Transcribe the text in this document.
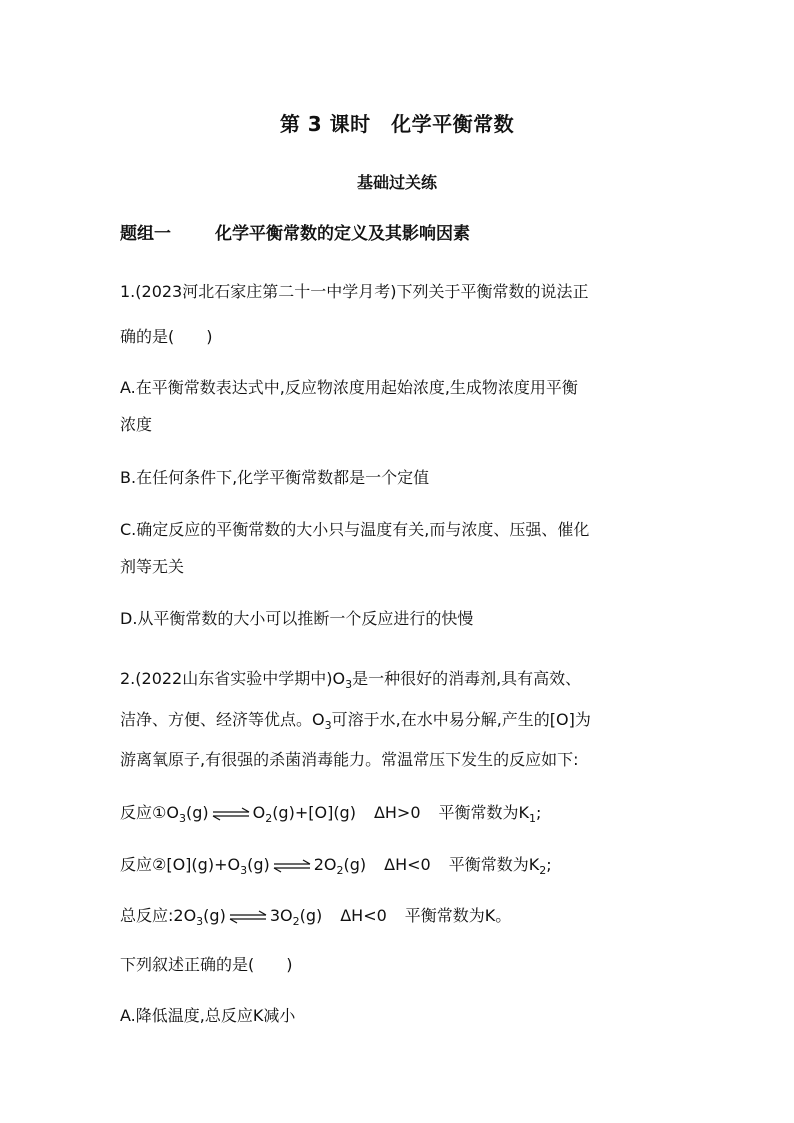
第 3 课时　化学平衡常数
基础过关练
题组一	化学平衡常数的定义及其影响因素
1.(2023河北石家庄第二十一中学月考)下列关于平衡常数的说法正
确的是( )
A.在平衡常数表达式中,反应物浓度用起始浓度,生成物浓度用平衡
浓度
B.在任何条件下,化学平衡常数都是一个定值
C.确定反应的平衡常数的大小只与温度有关,而与浓度、压强、催化
剂等无关
D.从平衡常数的大小可以推断一个反应进行的快慢
2.(2022山东省实验中学期中)$O_3$是一种很好的消毒剂,具有高效、
洁净、方便、经济等优点。$O_3$可溶于水,在水中易分解,产生的[O]为
游离氧原子,有很强的杀菌消毒能力。常温常压下发生的反应如下:
反应$①O_3(g)$ ⇌ $O_2(g)+[O](g)$ ΔH>0 平衡常数为$K_1$;
反应$②[O](g)+O_3(g)$ ⇌ $2O_2(g)$ ΔH<0 平衡常数为$K_2$;
总反应$:2O_3(g)$ ⇌ $3O_2(g)$ ΔH<0 平衡常数为K。
下列叙述正确的是( )
A.降低温度,总反应K减小
